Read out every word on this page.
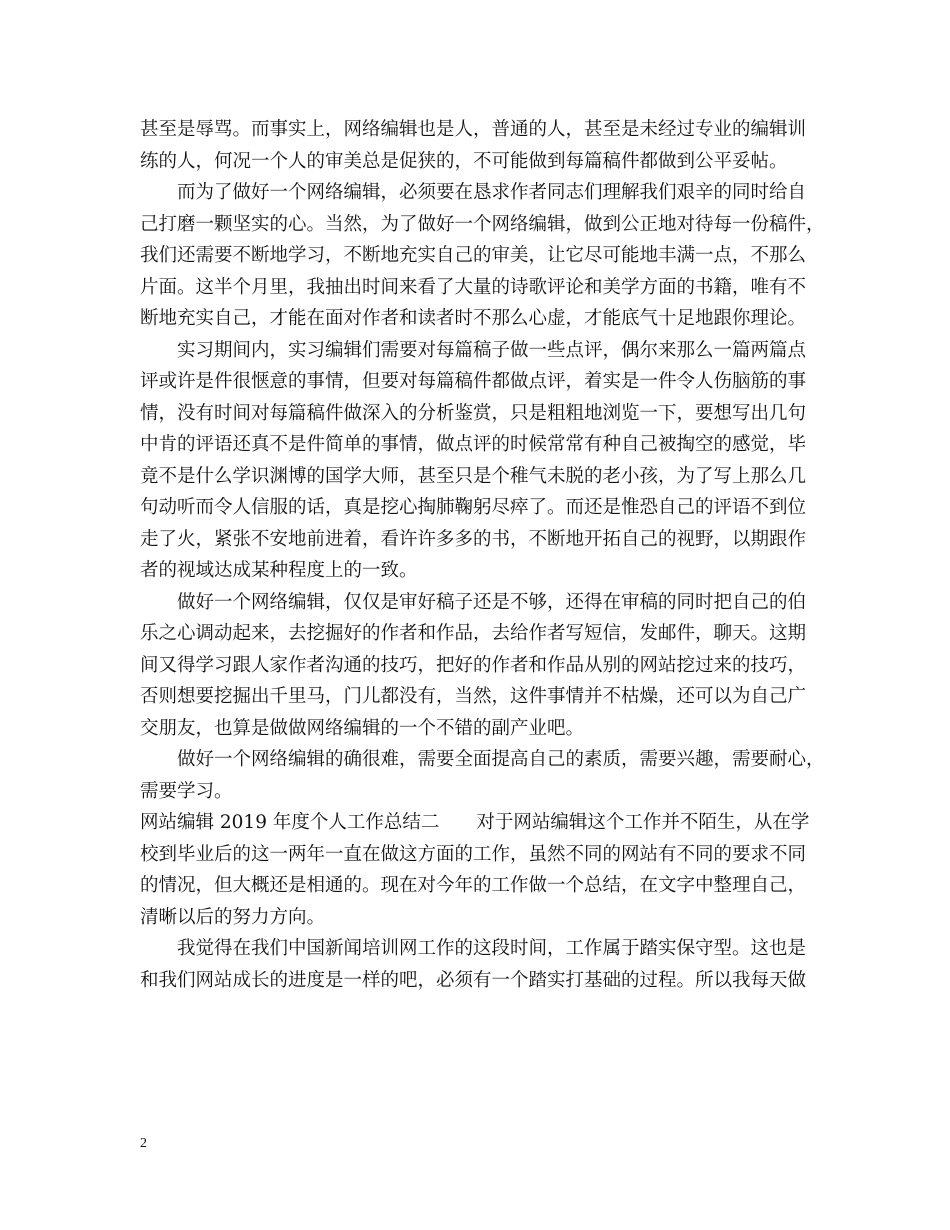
甚至是辱骂。而事实上，网络编辑也是人，普通的人，甚至是未经过专业的编辑训
练的人，何况一个人的审美总是促狭的，不可能做到每篇稿件都做到公平妥帖。
而为了做好一个网络编辑，必须要在恳求作者同志们理解我们艰辛的同时给自
己打磨一颗坚实的心。当然，为了做好一个网络编辑，做到公正地对待每一份稿件，
我们还需要不断地学习，不断地充实自己的审美，让它尽可能地丰满一点，不那么
片面。这半个月里，我抽出时间来看了大量的诗歌评论和美学方面的书籍，唯有不
断地充实自己，才能在面对作者和读者时不那么心虚，才能底气十足地跟你理论。
实习期间内，实习编辑们需要对每篇稿子做一些点评，偶尔来那么一篇两篇点
评或许是件很惬意的事情，但要对每篇稿件都做点评，着实是一件令人伤脑筋的事
情，没有时间对每篇稿件做深入的分析鉴赏，只是粗粗地浏览一下，要想写出几句
中肯的评语还真不是件简单的事情，做点评的时候常常有种自己被掏空的感觉，毕
竟不是什么学识渊博的国学大师，甚至只是个稚气未脱的老小孩，为了写上那么几
句动听而令人信服的话，真是挖心掏肺鞠躬尽瘁了。而还是惟恐自己的评语不到位
走了火，紧张不安地前进着，看许许多多的书，不断地开拓自己的视野，以期跟作
者的视域达成某种程度上的一致。
做好一个网络编辑，仅仅是审好稿子还是不够，还得在审稿的同时把自己的伯
乐之心调动起来，去挖掘好的作者和作品，去给作者写短信，发邮件，聊天。这期
间又得学习跟人家作者沟通的技巧，把好的作者和作品从别的网站挖过来的技巧，
否则想要挖掘出千里马，门儿都没有，当然，这件事情并不枯燥，还可以为自己广
交朋友，也算是做做网络编辑的一个不错的副产业吧。
做好一个网络编辑的确很难，需要全面提高自己的素质，需要兴趣，需要耐心，
需要学习。
网站编辑 2019 年度个人工作总结二　　对于网站编辑这个工作并不陌生，从在学
校到毕业后的这一两年一直在做这方面的工作，虽然不同的网站有不同的要求不同
的情况，但大概还是相通的。现在对今年的工作做一个总结，在文字中整理自己，
清晰以后的努力方向。
我觉得在我们中国新闻培训网工作的这段时间，工作属于踏实保守型。这也是
和我们网站成长的进度是一样的吧，必须有一个踏实打基础的过程。所以我每天做
2
